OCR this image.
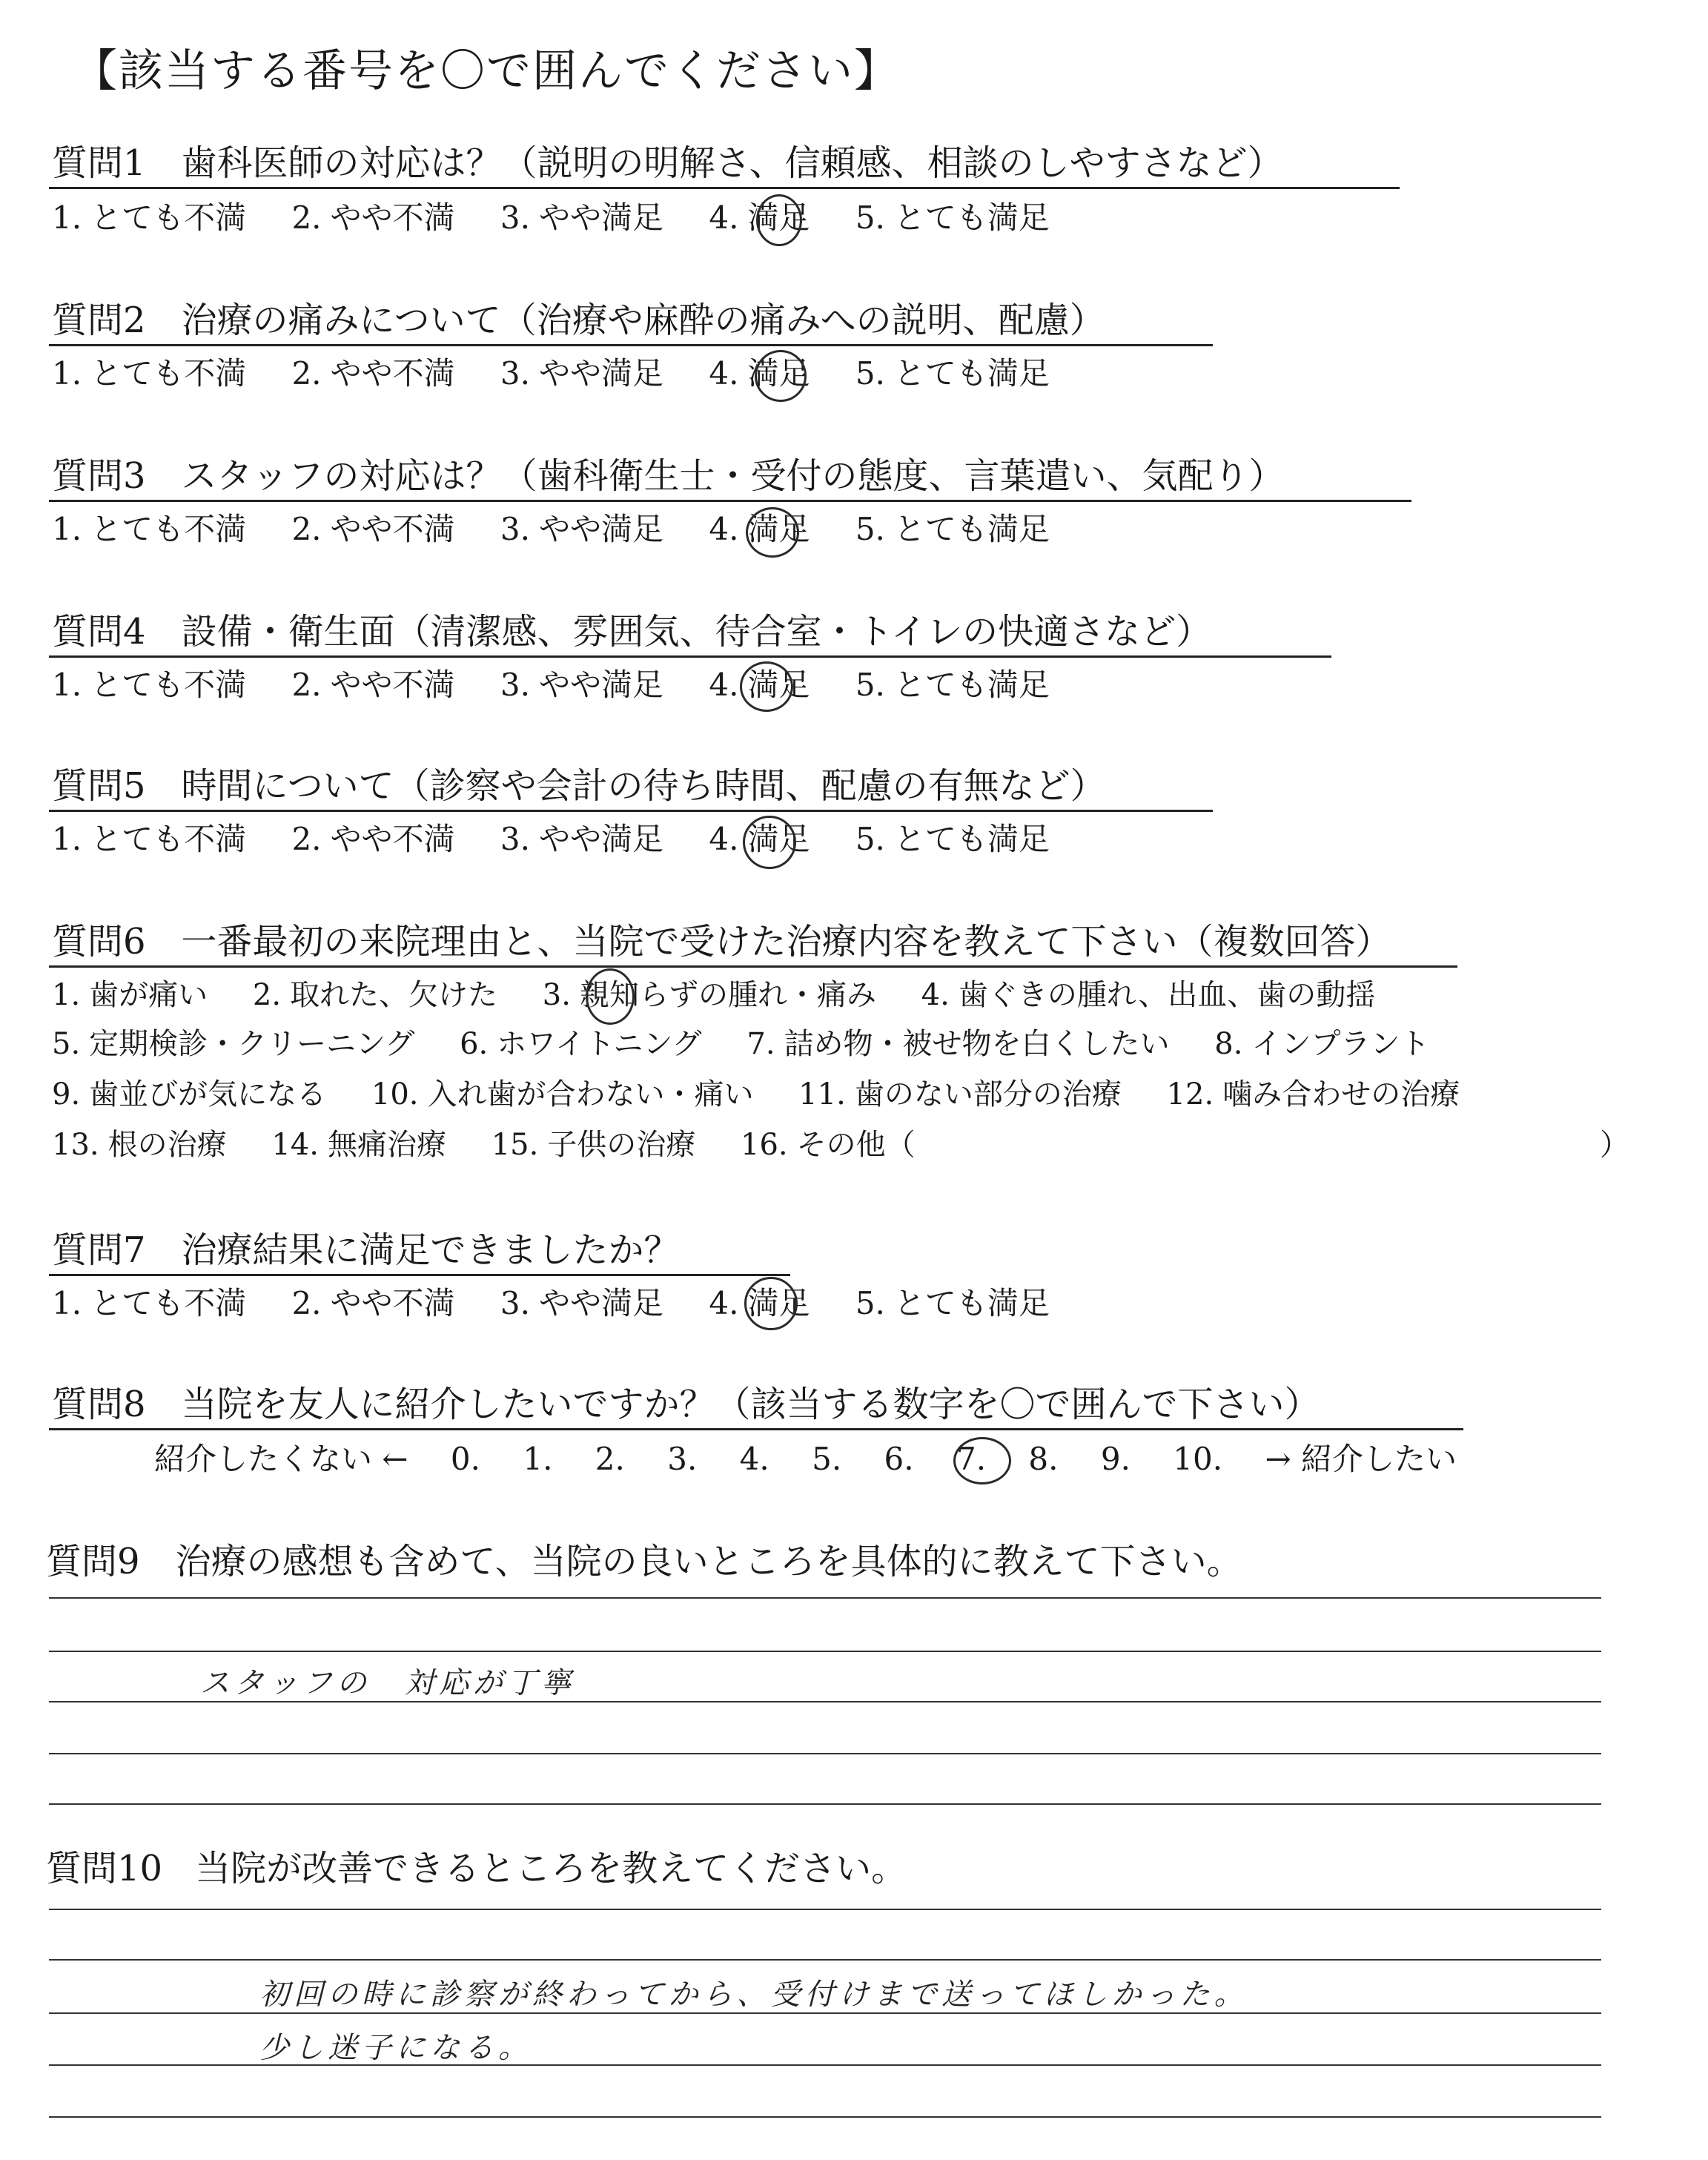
【該当する番号を〇で囲んでください】
質問1 歯科医師の対応は？（説明の明解さ、信頼感、相談のしやすさなど）
1. とても不満 2. やや不満 3. やや満足 4. 満足 5. とても満足
質問2 治療の痛みについて（治療や麻酔の痛みへの説明、配慮）
1. とても不満 2. やや不満 3. やや満足 4. 満足 5. とても満足
質問3 スタッフの対応は？（歯科衛生士・受付の態度、言葉遣い、気配り）
1. とても不満 2. やや不満 3. やや満足 4. 満足 5. とても満足
質問4 設備・衛生面（清潔感、雰囲気、待合室・トイレの快適さなど）
1. とても不満 2. やや不満 3. やや満足 4. 満足 5. とても満足
質問5 時間について（診察や会計の待ち時間、配慮の有無など）
1. とても不満 2. やや不満 3. やや満足 4. 満足 5. とても満足
質問6 一番最初の来院理由と、当院で受けた治療内容を教えて下さい（複数回答）
1. 歯が痛い 2. 取れた、欠けた 3. 親知らずの腫れ・痛み 4. 歯ぐきの腫れ、出血、歯の動揺
5. 定期検診・クリーニング 6. ホワイトニング 7. 詰め物・被せ物を白くしたい 8. インプラント
9. 歯並びが気になる 10. 入れ歯が合わない・痛い 11. 歯のない部分の治療 12. 噛み合わせの治療
13. 根の治療 14. 無痛治療 15. 子供の治療 16. その他（	）
質問7 治療結果に満足できましたか？
1. とても不満 2. やや不満 3. やや満足 4. 満足 5. とても満足
質問8 当院を友人に紹介したいですか？（該当する数字を〇で囲んで下さい）
紹介したくない ← 0. 1. 2. 3. 4. 5. 6. 7. 8. 9. 10. → 紹介したい
質問9 治療の感想も含めて、当院の良いところを具体的に教えて下さい。
スタッフの　対応が丁寧
質問10 当院が改善できるところを教えてください。
初回の時に診察が終わってから、受付けまで送ってほしかった。
少し迷子になる。
